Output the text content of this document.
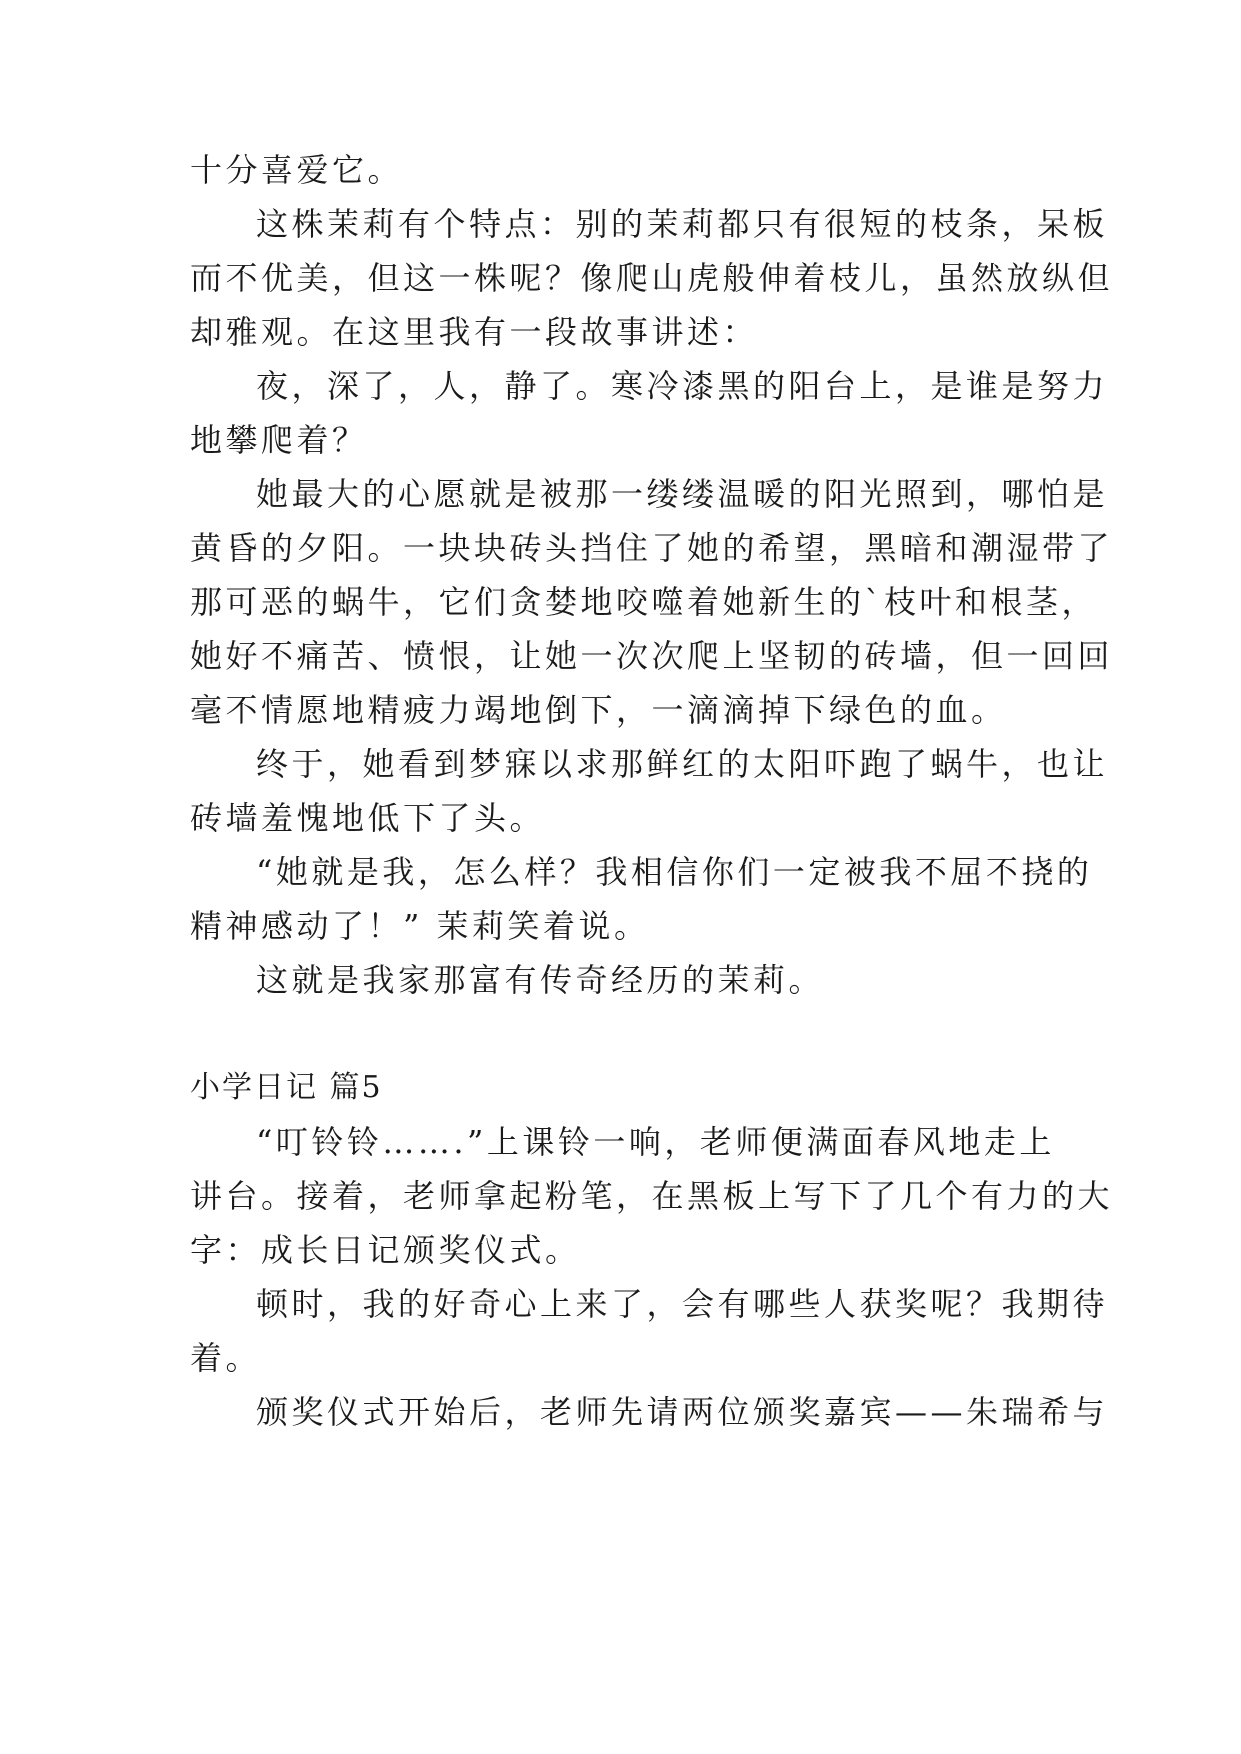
十分喜爱它。
这株茉莉有个特点：别的茉莉都只有很短的枝条，呆板
而不优美，但这一株呢？像爬山虎般伸着枝儿，虽然放纵但
却雅观。在这里我有一段故事讲述：
夜，深了，人，静了。寒冷漆黑的阳台上，是谁是努力
地攀爬着？
她最大的心愿就是被那一缕缕温暖的阳光照到，哪怕是
黄昏的夕阳。一块块砖头挡住了她的希望，黑暗和潮湿带了
那可恶的蜗牛，它们贪婪地咬噬着她新生的`枝叶和根茎，
她好不痛苦、愤恨，让她一次次爬上坚韧的砖墙，但一回回
毫不情愿地精疲力竭地倒下，一滴滴掉下绿色的血。
终于，她看到梦寐以求那鲜红的太阳吓跑了蜗牛，也让
砖墙羞愧地低下了头。
“她就是我，怎么样？我相信你们一定被我不屈不挠的
精神感动了！” 茉莉笑着说。
这就是我家那富有传奇经历的茉莉。
小学日记 篇5
“叮铃铃…….”上课铃一响，老师便满面春风地走上
讲台。接着，老师拿起粉笔，在黑板上写下了几个有力的大
字：成长日记颁奖仪式。
顿时，我的好奇心上来了，会有哪些人获奖呢？我期待
着。
颁奖仪式开始后，老师先请两位颁奖嘉宾——朱瑞希与
